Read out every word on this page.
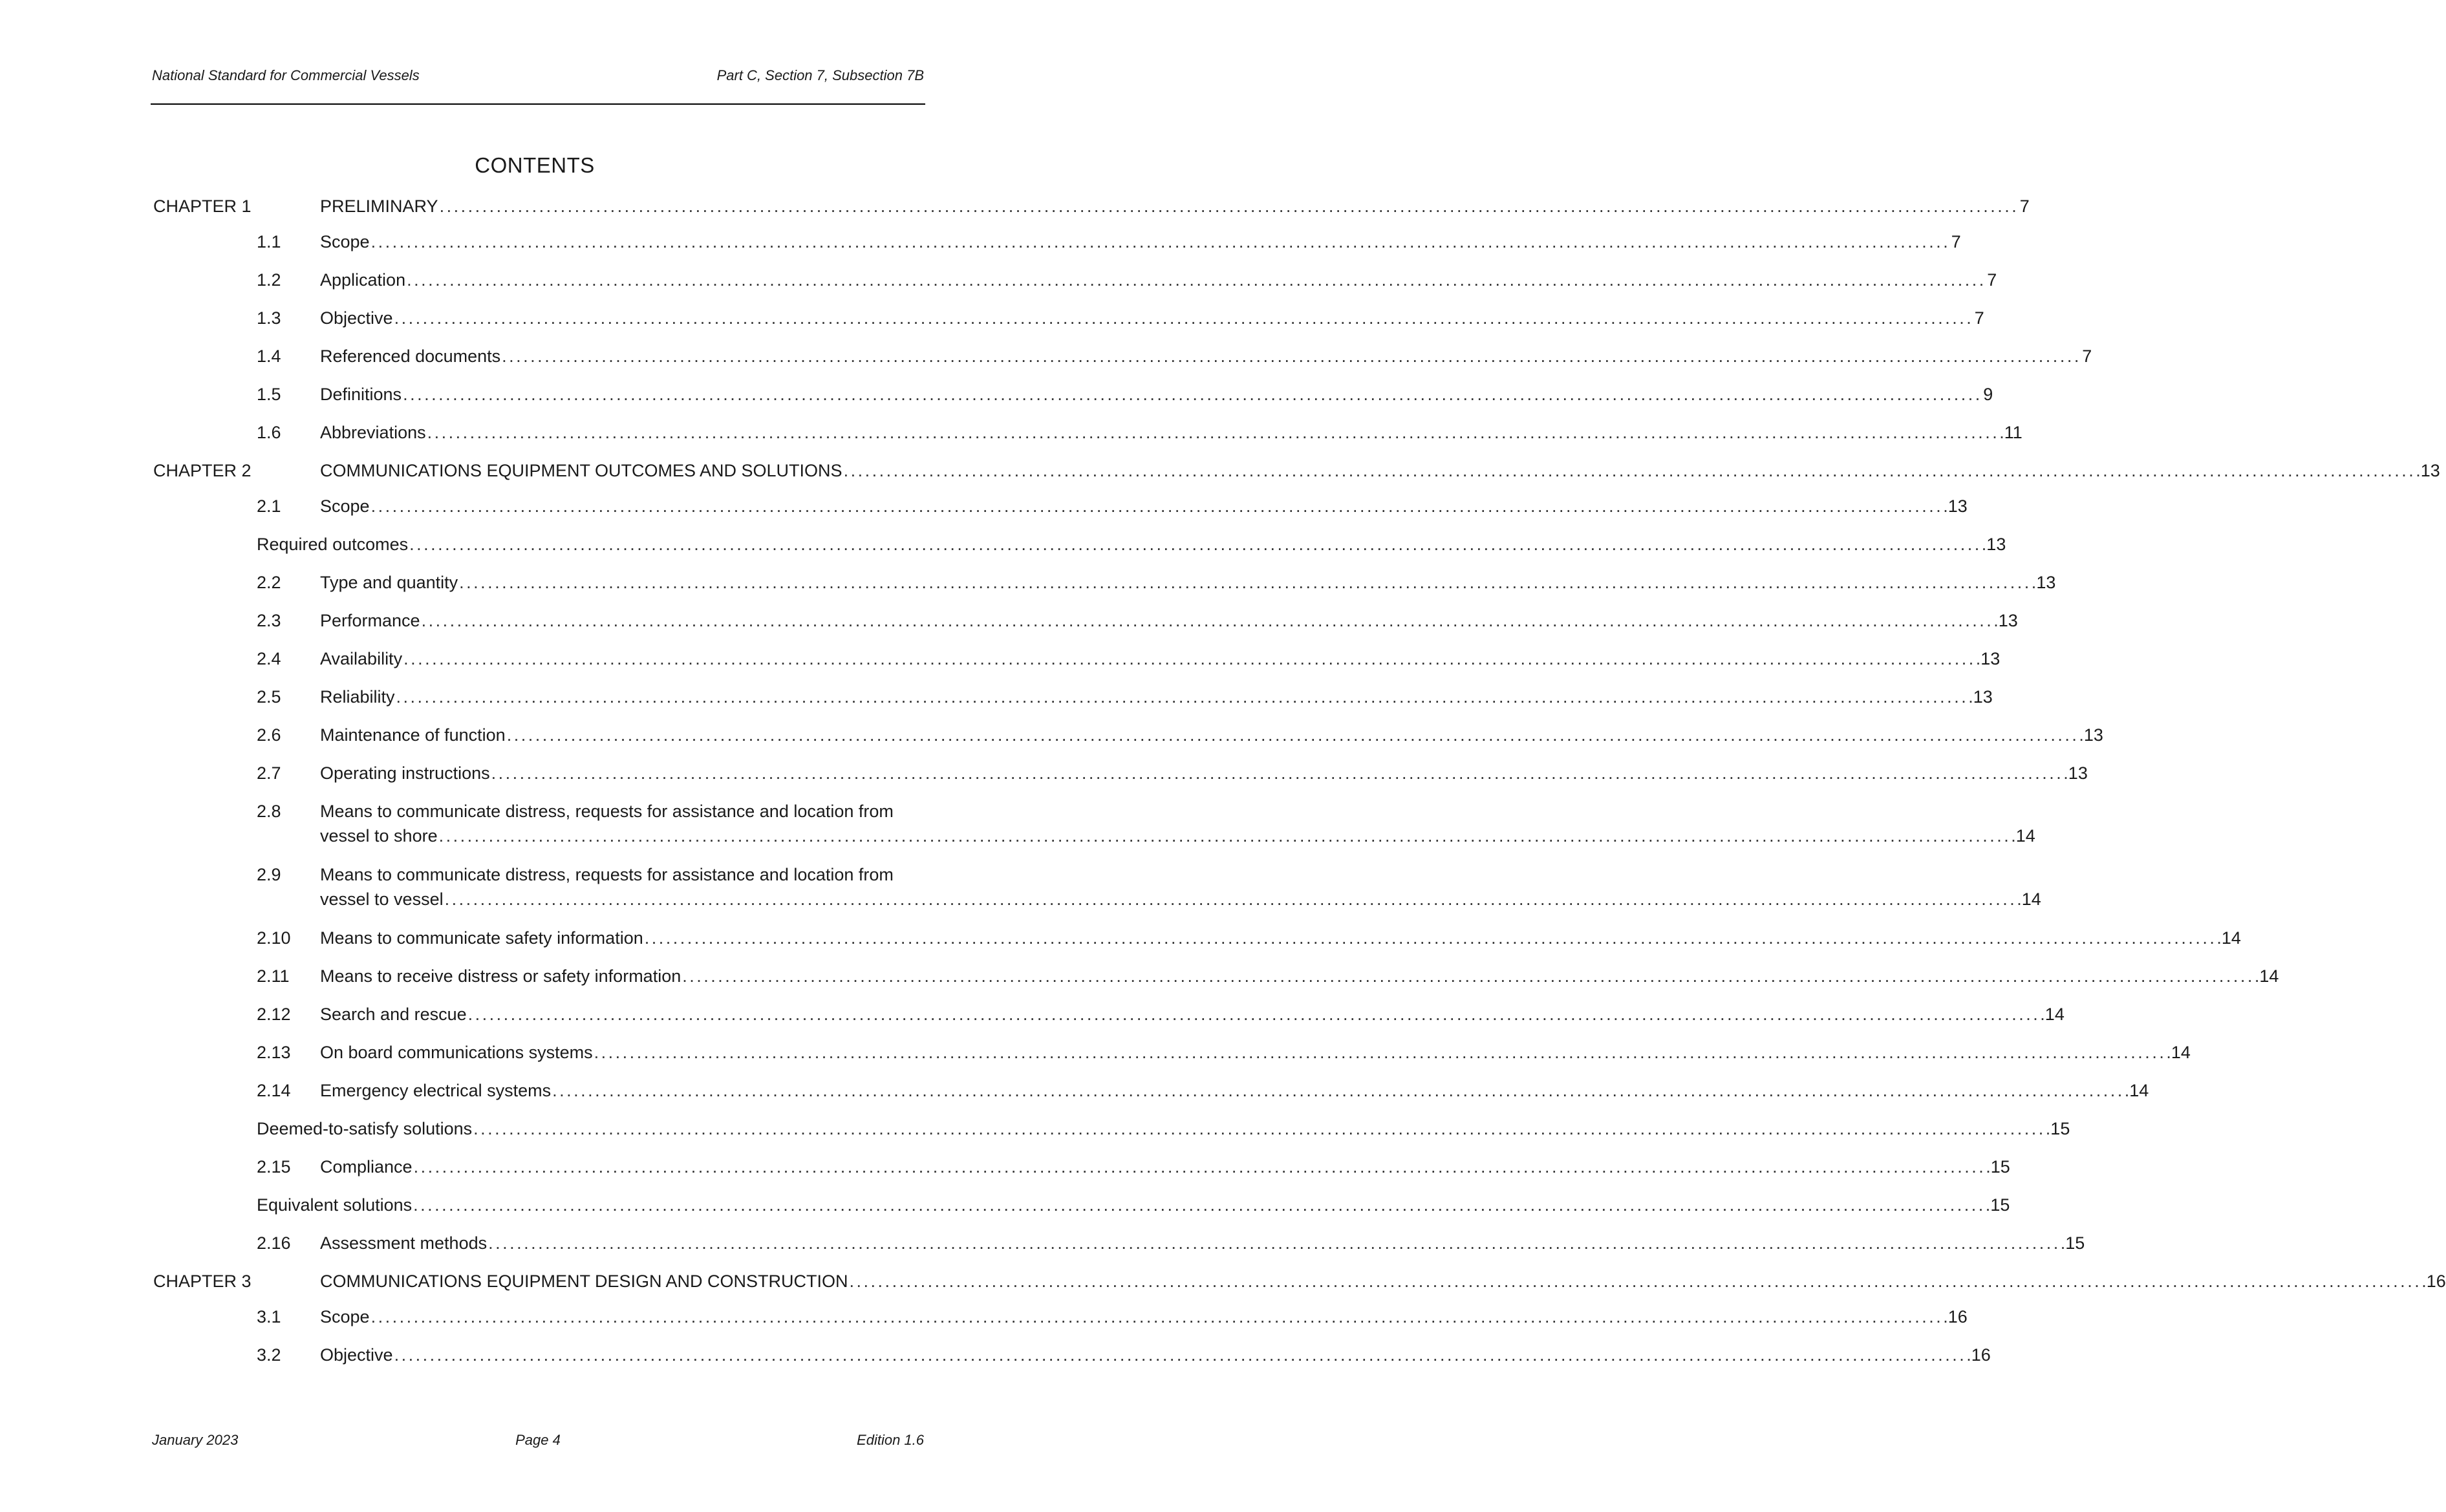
National Standard for Commercial Vessels	Part C, Section 7, Subsection 7B
CONTENTS
CHAPTER 1	PRELIMINARY . . .	7
1.1	Scope . . .	7
1.2	Application . . .	7
1.3	Objective . . .	7
1.4	Referenced documents . . .	7
1.5	Definitions . . .	9
1.6	Abbreviations . . .	11
CHAPTER 2	COMMUNICATIONS EQUIPMENT OUTCOMES AND SOLUTIONS . . .	13
2.1	Scope . . .	13
Required outcomes . . .	13
2.2	Type and quantity . . .	13
2.3	Performance . . .	13
2.4	Availability . . .	13
2.5	Reliability . . .	13
2.6	Maintenance of function . . .	13
2.7	Operating instructions . . .	13
2.8	Means to communicate distress, requests for assistance and location from
vessel to shore . . .	14
2.9	Means to communicate distress, requests for assistance and location from
vessel to vessel . . .	14
2.10	Means to communicate safety information . . .	14
2.11	Means to receive distress or safety information . . .	14
2.12	Search and rescue . . .	14
2.13	On board communications systems . . .	14
2.14	Emergency electrical systems . . .	14
Deemed-to-satisfy solutions . . .	15
2.15	Compliance . . .	15
Equivalent solutions . . .	15
2.16	Assessment methods . . .	15
CHAPTER 3	COMMUNICATIONS EQUIPMENT DESIGN AND CONSTRUCTION . . .	16
3.1	Scope . . .	16
3.2	Objective . . .	16
January 2023	Page 4	Edition 1.6
